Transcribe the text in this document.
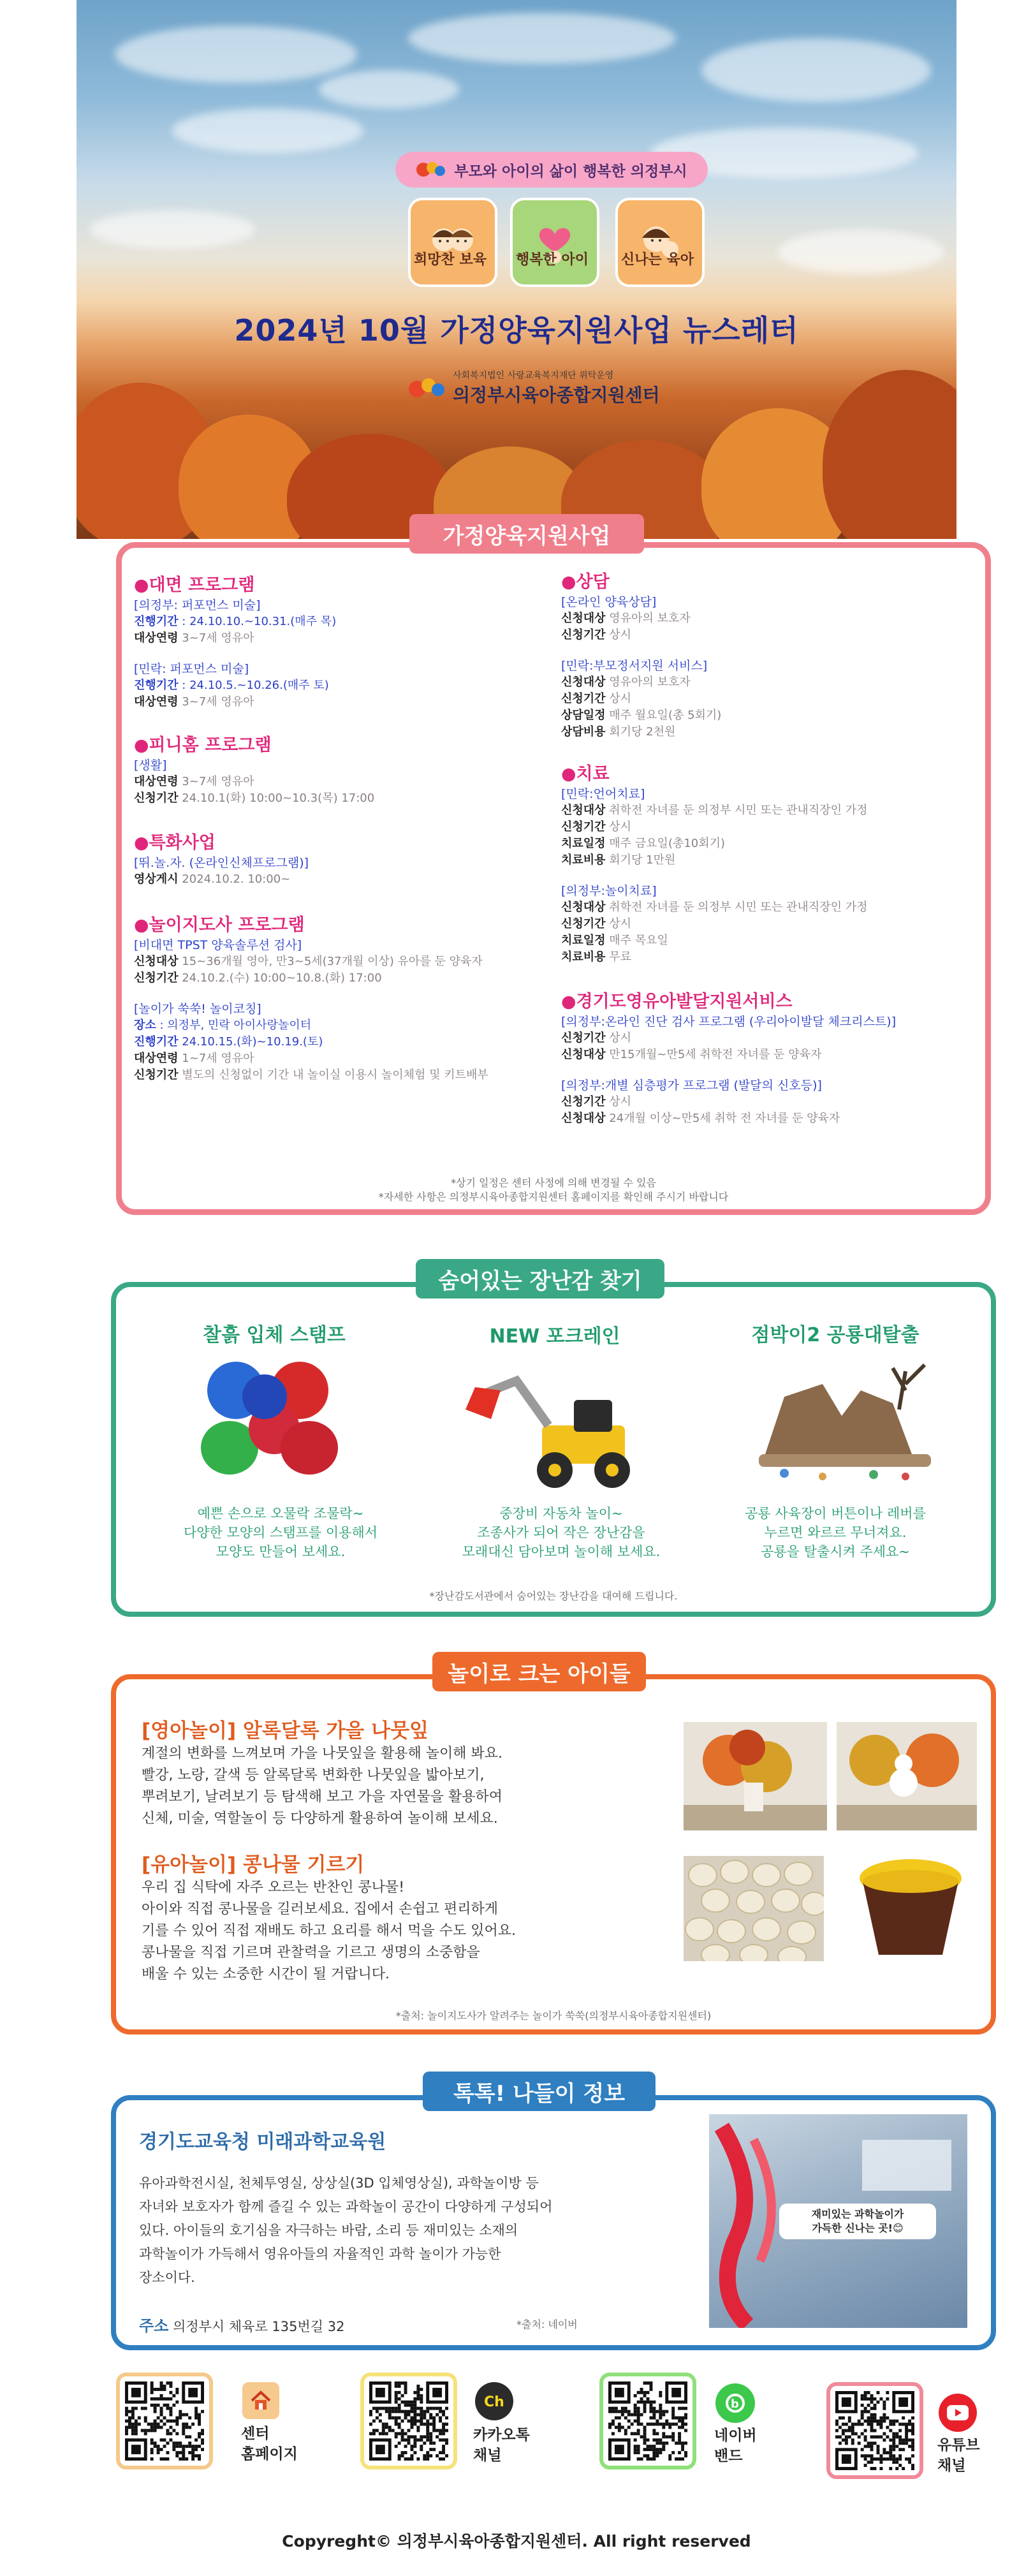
부모와 아이의 삶이 행복한 의정부시
희망찬 보육	행복한 아이	신나는 육아
2024년 10월 가정양육지원사업 뉴스레터
사회복지법인 사랑교육복지재단 위탁운영
의정부시육아종합지원센터
가정양육지원사업
●대면 프로그램
[의정부: 퍼포먼스 미술]
진행기간 : 24.10.10.~10.31.(매주 목)
대상연령 3~7세 영유아
[민락: 퍼포먼스 미술]
진행기간 : 24.10.5.~10.26.(매주 토)
대상연령 3~7세 영유아
●피니홈 프로그램
[생활]
대상연령 3~7세 영유아
신청기간 24.10.1(화) 10:00~10.3(목) 17:00
●특화사업
[뛰.놀.자. (온라인신체프로그램)]
영상게시 2024.10.2. 10:00~
●놀이지도사 프로그램
[비대면 TPST 양육솔루션 검사]
신청대상 15~36개월 영아, 만3~5세(37개월 이상) 유아를 둔 양육자
신청기간 24.10.2.(수) 10:00~10.8.(화) 17:00
[놀이가 쑥쑥! 놀이코칭]
장소 : 의정부, 민락 아이사랑놀이터
진행기간 24.10.15.(화)~10.19.(토)
대상연령 1~7세 영유아
신청기간 별도의 신청없이 기간 내 놀이실 이용시 놀이체험 및 키트배부
●상담
[온라인 양육상담]
신청대상 영유아의 보호자
신청기간 상시
[민락:부모정서지원 서비스]
신청대상 영유아의 보호자
신청기간 상시
상담일정 매주 월요일(총 5회기)
상담비용 회기당 2천원
●치료
[민락:언어치료]
신청대상 취학전 자녀를 둔 의정부 시민 또는 관내직장인 가정
신청기간 상시
치료일정 매주 금요일(총10회기)
치료비용 회기당 1만원
[의정부:놀이치료]
신청대상 취학전 자녀를 둔 의정부 시민 또는 관내직장인 가정
신청기간 상시
치료일정 매주 목요일
치료비용 무료
●경기도영유아발달지원서비스
[의정부:온라인 진단 검사 프로그램 (우리아이발달 체크리스트)]
신청기간 상시
신청대상 만15개월~만5세 취학전 자녀를 둔 양육자
[의정부:개별 심층평가 프로그램 (발달의 신호등)]
신청기간 상시
신청대상 24개월 이상~만5세 취학 전 자녀를 둔 양육자
*상기 일정은 센터 사정에 의해 변경될 수 있음
*자세한 사항은 의정부시육아종합지원센터 홈페이지를 확인해 주시기 바랍니다
숨어있는 장난감 찾기
찰흙 입체 스탬프	NEW 포크레인	점박이2 공룡대탈출
예쁜 손으로 오물락 조물락~
다양한 모양의 스탬프를 이용해서
모양도 만들어 보세요.
중장비 자동차 놀이~
조종사가 되어 작은 장난감을
모래대신 담아보며 놀이해 보세요.
공룡 사육장이 버튼이나 레버를
누르면 와르르 무너져요.
공룡을 탈출시켜 주세요~
*장난감도서관에서 숨어있는 장난감을 대여해 드립니다.
놀이로 크는 아이들
[영아놀이] 알록달록 가을 나뭇잎
계절의 변화를 느껴보며 가을 나뭇잎을 활용해 놀이해 봐요.
빨강, 노랑, 갈색 등 알록달록 변화한 나뭇잎을 밟아보기,
뿌려보기, 날려보기 등 탐색해 보고 가을 자연물을 활용하여
신체, 미술, 역할놀이 등 다양하게 활용하여 놀이해 보세요.
[유아놀이] 콩나물 기르기
우리 집 식탁에 자주 오르는 반찬인 콩나물!
아이와 직접 콩나물을 길러보세요. 집에서 손쉽고 편리하게
기를 수 있어 직접 재배도 하고 요리를 해서 먹을 수도 있어요.
콩나물을 직접 기르며 관찰력을 기르고 생명의 소중함을
배울 수 있는 소중한 시간이 될 거랍니다.
*출처: 놀이지도사가 알려주는 놀이가 쑥쑥(의정부시육아종합지원센터)
톡톡! 나들이 정보
경기도교육청 미래과학교육원
유아과학전시실, 천체투영실, 상상실(3D 입체영상실), 과학놀이방 등
자녀와 보호자가 함께 즐길 수 있는 과학놀이 공간이 다양하게 구성되어
있다. 아이들의 호기심을 자극하는 바람, 소리 등 재미있는 소재의
과학놀이가 가득해서 영유아들의 자율적인 과학 놀이가 가능한
장소이다.
주소 의정부시 체육로 135번길 32	*출처: 네이버
재미있는 과학놀이가
가득한 신나는 곳!😊
센터
홈페이지
Ch
카카오톡
채널
b
네이버
밴드
유튜브
채널
Copyreght© 의정부시육아종합지원센터. All right reserved
